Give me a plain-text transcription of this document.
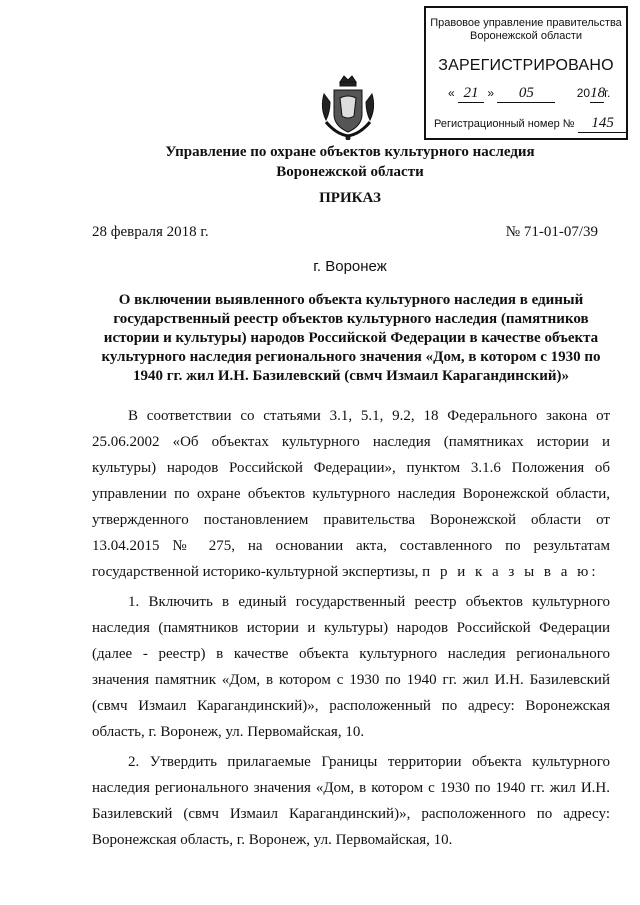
Правовое управление правительства
Воронежской области
ЗАРЕГИСТРИРОВАНО
« 21 » 05	2018г.
Регистрационный номер № 145
Управление по охране объектов культурного наследия
Воронежской области
ПРИКАЗ
28 февраля 2018 г.	№ 71-01-07/39
г. Воронеж
О включении выявленного объекта культурного наследия в единый государственный реестр объектов культурного наследия (памятников истории и культуры) народов Российской Федерации в качестве объекта культурного наследия регионального значения «Дом, в котором с 1930 по 1940 гг. жил И.Н. Базилевский (свмч Измаил Карагандинский)»

В соответствии со статьями 3.1, 5.1, 9.2, 18 Федерального закона от 25.06.2002 «Об объектах культурного наследия (памятниках истории и культуры) народов Российской Федерации», пунктом 3.1.6 Положения об управлении по охране объектов культурного наследия Воронежской области, утвержденного постановлением правительства Воронежской области от 13.04.2015 № 275, на основании акта, составленного по результатам государственной историко-культурной экспертизы, п р и к а з ы в а ю:

1. Включить в единый государственный реестр объектов культурного наследия (памятников истории и культуры) народов Российской Федерации (далее - реестр) в качестве объекта культурного наследия регионального значения памятник «Дом, в котором с 1930 по 1940 гг. жил И.Н. Базилевский (свмч Измаил Карагандинский)», расположенный по адресу: Воронежская область, г. Воронеж, ул. Первомайская, 10.

2. Утвердить прилагаемые Границы территории объекта культурного наследия регионального значения «Дом, в котором с 1930 по 1940 гг. жил И.Н. Базилевский (свмч Измаил Карагандинский)», расположенного по адресу: Воронежская область, г. Воронеж, ул. Первомайская, 10.
